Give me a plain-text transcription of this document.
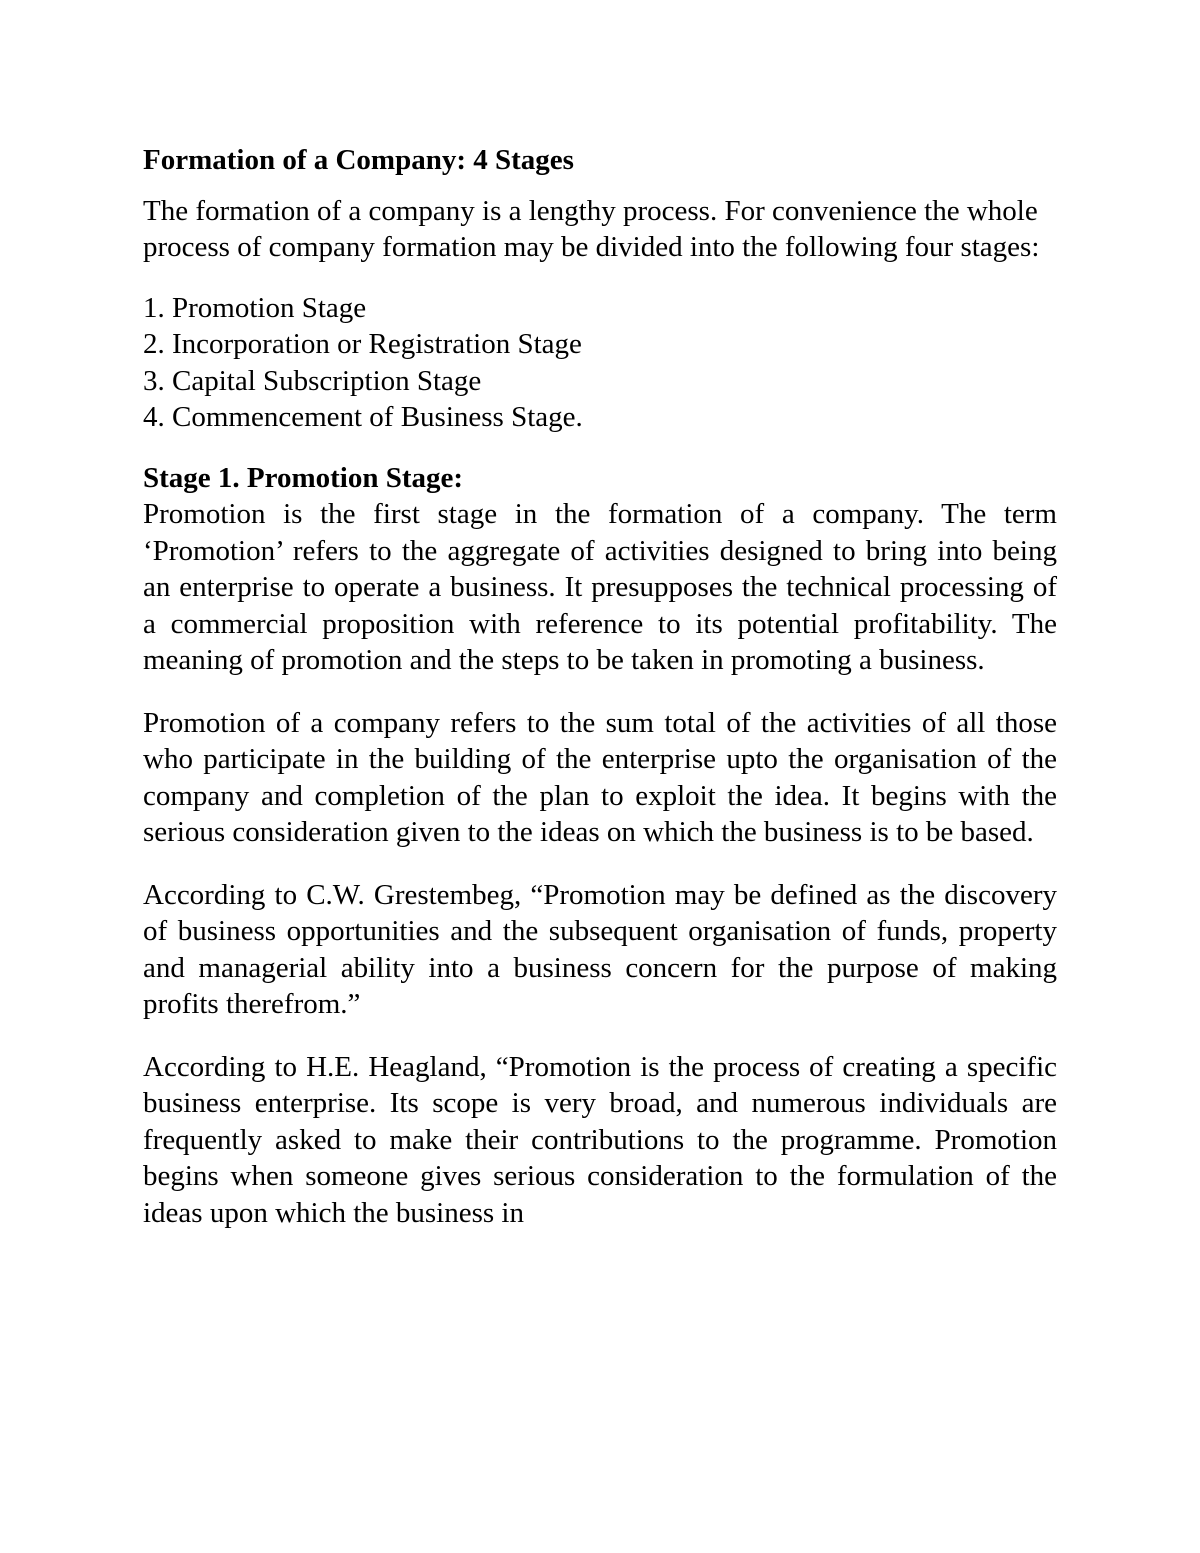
Formation of a Company: 4 Stages

The formation of a company is a lengthy process. For convenience the whole process of company formation may be divided into the following four stages:

1. Promotion Stage
2. Incorporation or Registration Stage
3. Capital Subscription Stage
4. Commencement of Business Stage.

Stage 1. Promotion Stage:

Promotion is the first stage in the formation of a company. The term ‘Promotion’ refers to the aggregate of activities designed to bring into being an enterprise to operate a business. It presupposes the technical processing of a commercial proposition with reference to its potential profitability. The meaning of promotion and the steps to be taken in promoting a business.

Promotion of a company refers to the sum total of the activities of all those who participate in the building of the enterprise upto the organisation of the company and completion of the plan to exploit the idea. It begins with the serious consideration given to the ideas on which the business is to be based.

According to C.W. Grestembeg, “Promotion may be defined as the discovery of business opportunities and the subsequent organisation of funds, property and managerial ability into a business concern for the purpose of making profits therefrom.”

According to H.E. Heagland, “Promotion is the process of creating a specific business enterprise. Its scope is very broad, and numerous individuals are frequently asked to make their contributions to the programme. Promotion begins when someone gives serious consideration to the formulation of the ideas upon which the business in
